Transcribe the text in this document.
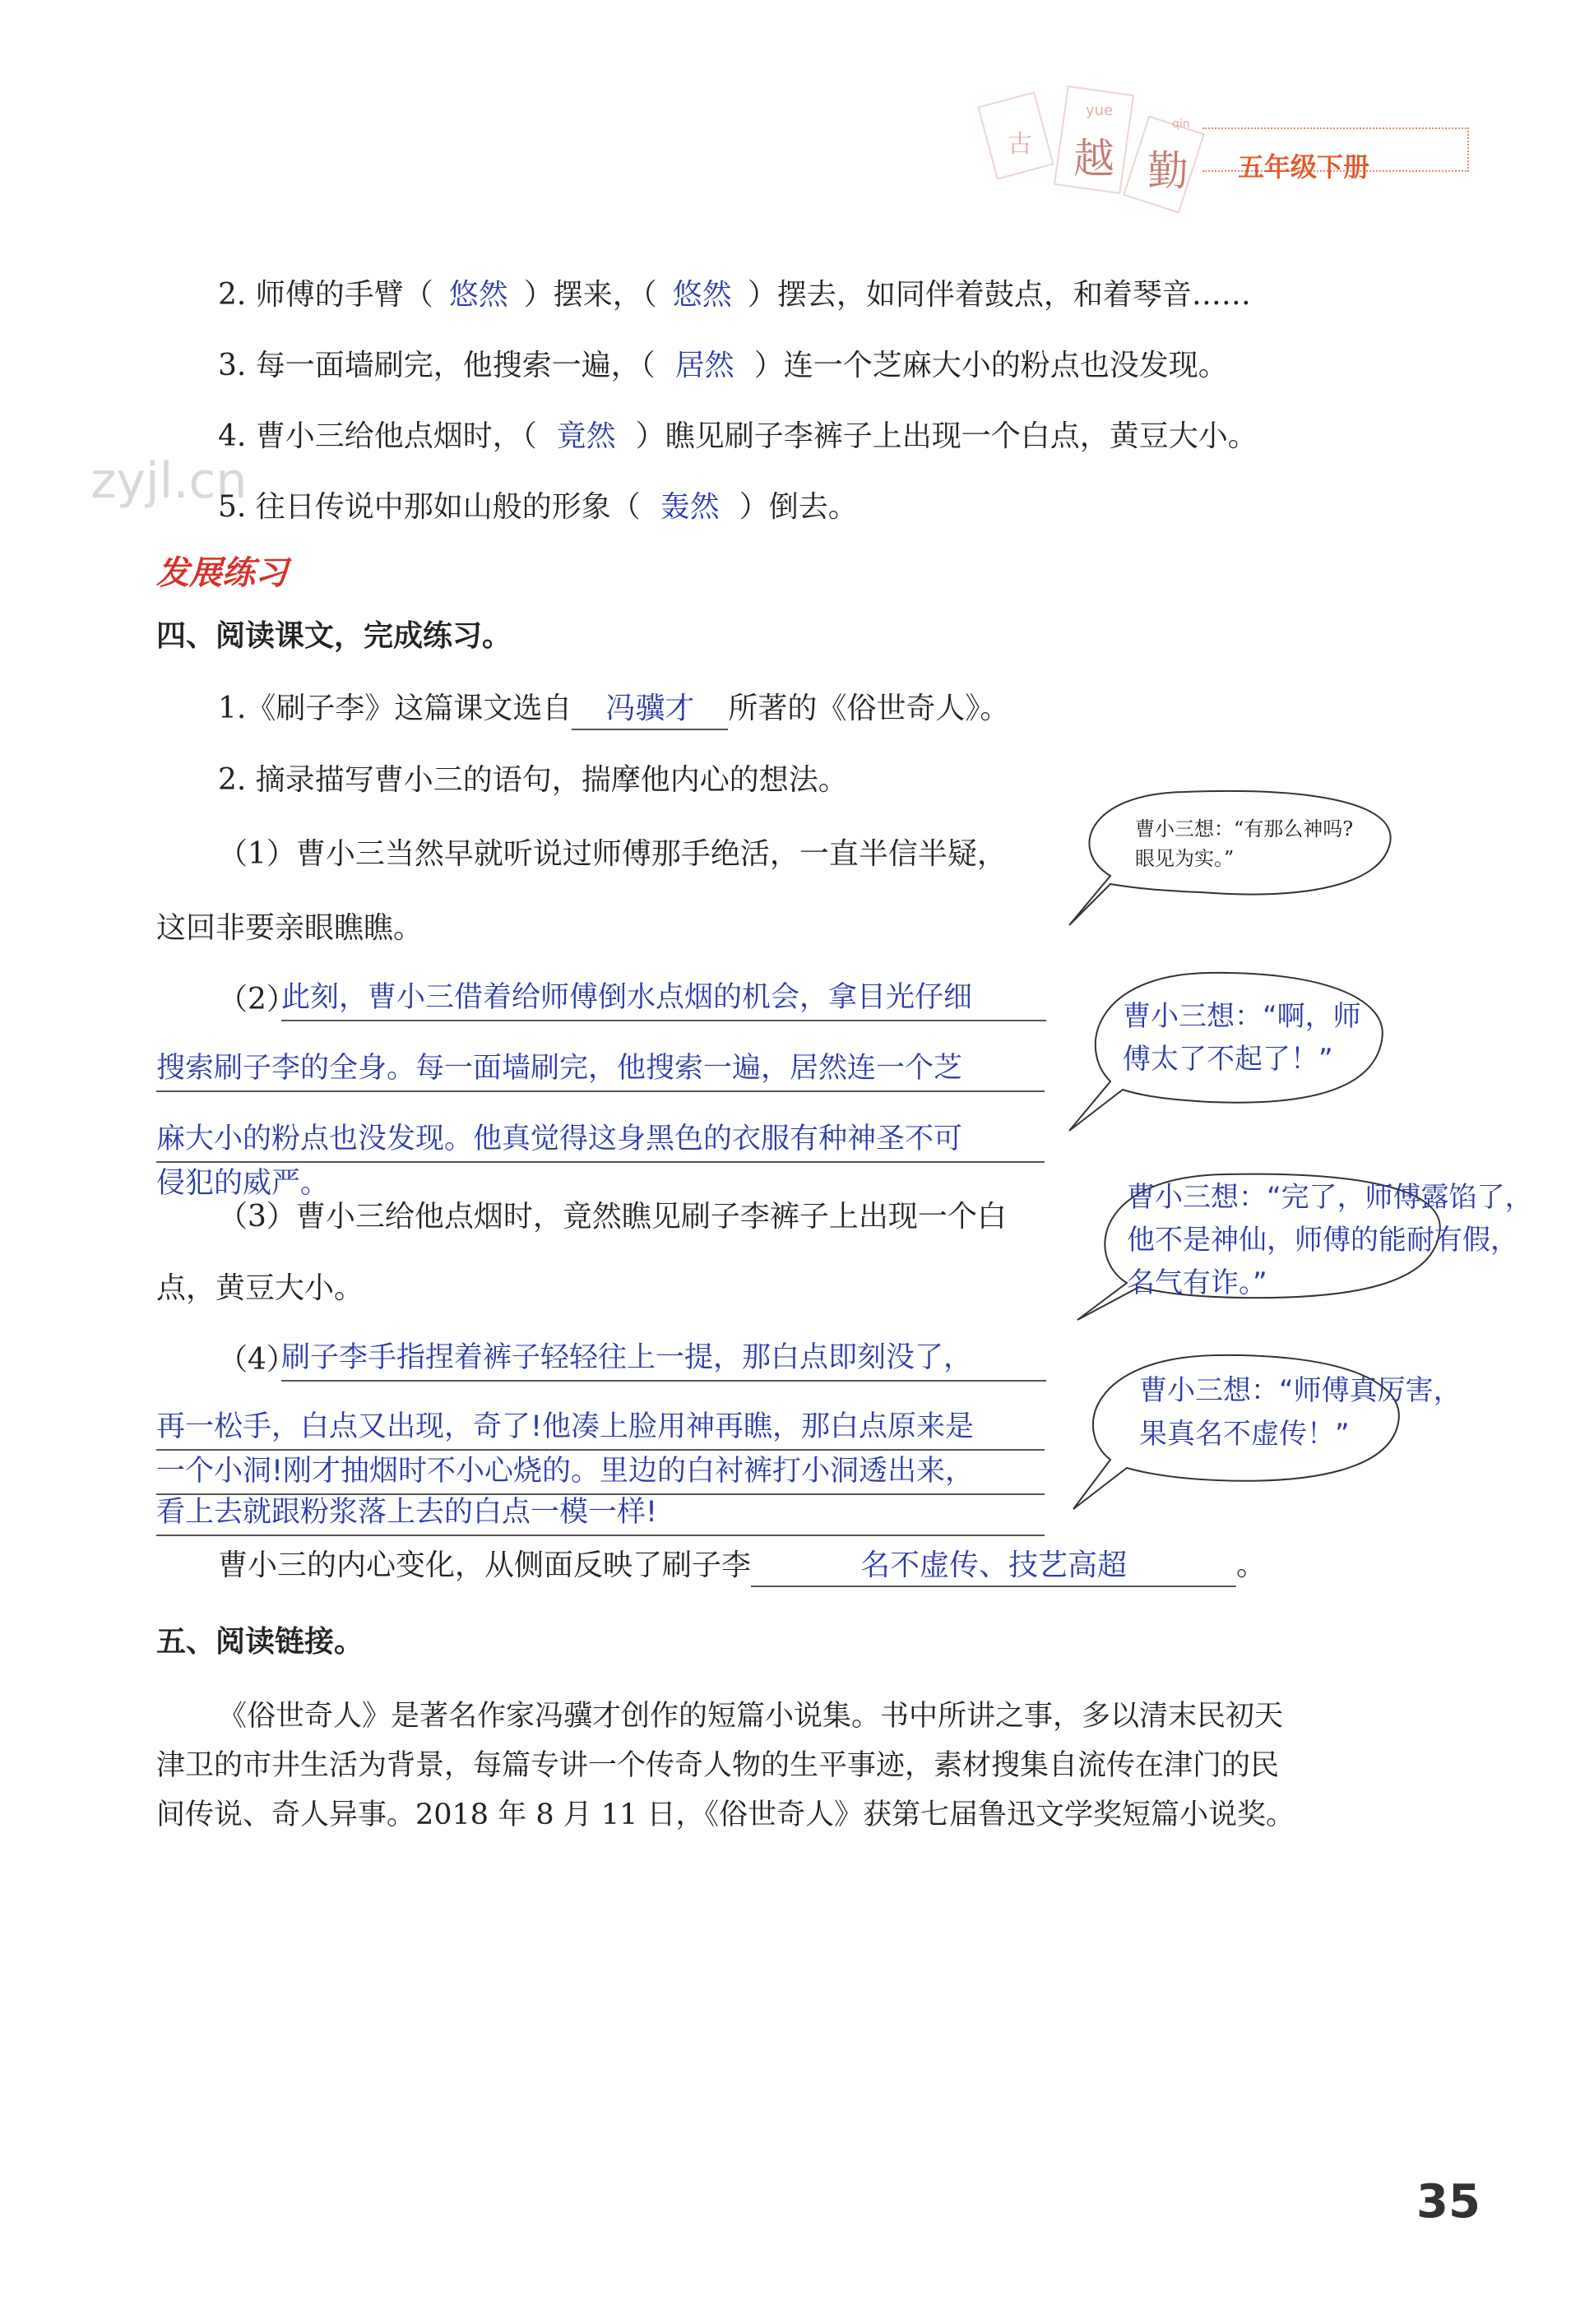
古 越 勤
yue
qin
五年级下册
2. 师傅的手臂（ 悠然 ）摆来，（ 悠然 ）摆去，如同伴着鼓点，和着琴音……
3. 每一面墙刷完，他搜索一遍，（ 居然 ）连一个芝麻大小的粉点也没发现。
4. 曹小三给他点烟时，（ 竟然 ）瞧见刷子李裤子上出现一个白点，黄豆大小。
zyjl.cn
5. 往日传说中那如山般的形象（ 轰然 ）倒去。
发展练习
四、阅读课文，完成练习。
1.《刷子李》这篇课文选自 冯骥才 所著的《俗世奇人》。
2. 摘录描写曹小三的语句，揣摩他内心的想法。
（1）曹小三当然早就听说过师傅那手绝活，一直半信半疑，
这回非要亲眼瞧瞧。
（2）
此刻，曹小三借着给师傅倒水点烟的机会，拿目光仔细
搜索刷子李的全身。每一面墙刷完，他搜索一遍，居然连一个芝
麻大小的粉点也没发现。他真觉得这身黑色的衣服有种神圣不可
侵犯的威严。
（3）曹小三给他点烟时，竟然瞧见刷子李裤子上出现一个白
点，黄豆大小。
（4）
刷子李手指捏着裤子轻轻往上一提，那白点即刻没了，
再一松手，白点又出现，奇了!他凑上脸用神再瞧，那白点原来是
一个小洞!刚才抽烟时不小心烧的。里边的白衬裤打小洞透出来，
看上去就跟粉浆落上去的白点一模一样!
曹小三想：“有那么神吗?
眼见为实。”
曹小三想：“啊，师
傅太了不起了！”
曹小三想：“完了，师傅露馅了，
他不是神仙，师傅的能耐有假，
名气有诈。”
曹小三想：“师傅真厉害，
果真名不虚传！”
曹小三的内心变化，从侧面反映了刷子李	名不虚传、技艺高超	。
五、阅读链接。
《俗世奇人》是著名作家冯骥才创作的短篇小说集。书中所讲之事，多以清末民初天
津卫的市井生活为背景，每篇专讲一个传奇人物的生平事迹，素材搜集自流传在津门的民
间传说、奇人异事。2018 年 8 月 11 日，《俗世奇人》获第七届鲁迅文学奖短篇小说奖。
35
